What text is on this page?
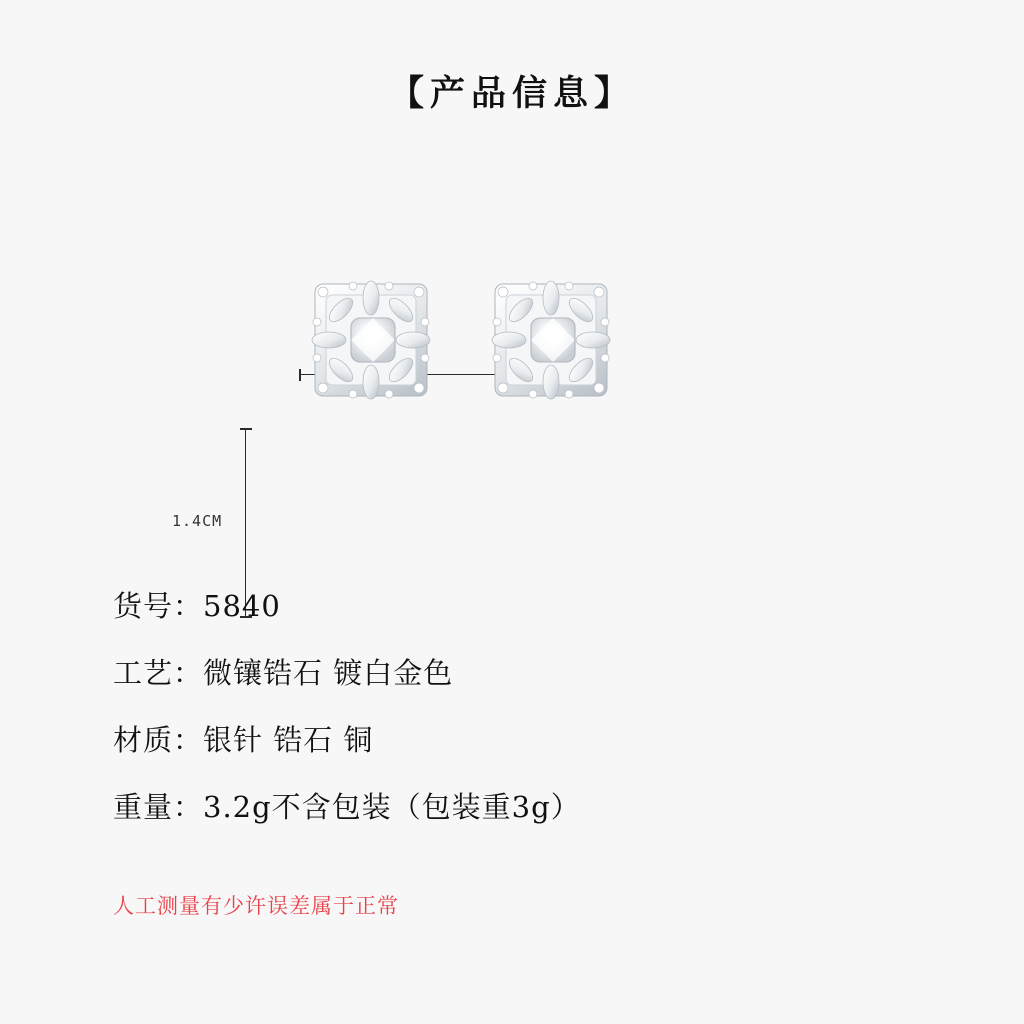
【产品信息】
1.4CM
货号：5840
工艺：微镶锆石 镀白金色
材质：银针 锆石 铜
重量：3.2g不含包装（包装重3g）
人工测量有少许误差属于正常
